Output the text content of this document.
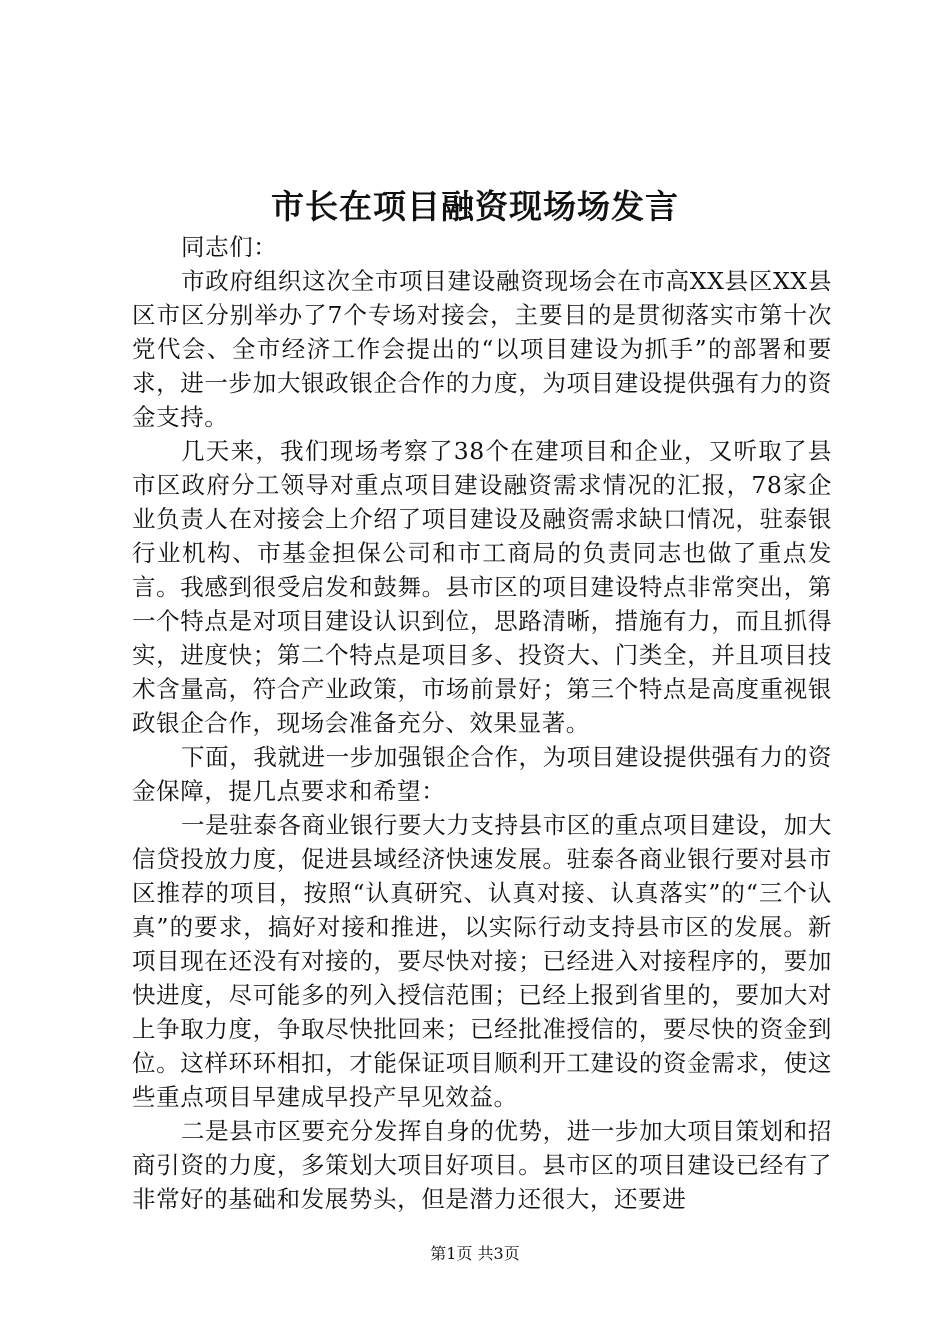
市长在项目融资现场场发言

同志们：

市政府组织这次全市项目建设融资现场会在市高XX县区XX县区市区分别举办了7个专场对接会，主要目的是贯彻落实市第十次党代会、全市经济工作会提出的“以项目建设为抓手”的部署和要求，进一步加大银政银企合作的力度，为项目建设提供强有力的资金支持。

几天来，我们现场考察了38个在建项目和企业，又听取了县市区政府分工领导对重点项目建设融资需求情况的汇报，78家企业负责人在对接会上介绍了项目建设及融资需求缺口情况，驻泰银行业机构、市基金担保公司和市工商局的负责同志也做了重点发言。我感到很受启发和鼓舞。县市区的项目建设特点非常突出，第一个特点是对项目建设认识到位，思路清晰，措施有力，而且抓得实，进度快；第二个特点是项目多、投资大、门类全，并且项目技术含量高，符合产业政策，市场前景好；第三个特点是高度重视银政银企合作，现场会准备充分、效果显著。

下面，我就进一步加强银企合作，为项目建设提供强有力的资金保障，提几点要求和希望：

一是驻泰各商业银行要大力支持县市区的重点项目建设，加大信贷投放力度，促进县域经济快速发展。驻泰各商业银行要对县市区推荐的项目，按照“认真研究、认真对接、认真落实”的“三个认真”的要求，搞好对接和推进，以实际行动支持县市区的发展。新项目现在还没有对接的，要尽快对接；已经进入对接程序的，要加快进度，尽可能多的列入授信范围；已经上报到省里的，要加大对上争取力度，争取尽快批回来；已经批准授信的，要尽快的资金到位。这样环环相扣，才能保证项目顺利开工建设的资金需求，使这些重点项目早建成早投产早见效益。

二是县市区要充分发挥自身的优势，进一步加大项目策划和招商引资的力度，多策划大项目好项目。县市区的项目建设已经有了非常好的基础和发展势头，但是潜力还很大，还要进

第1页 共3页
